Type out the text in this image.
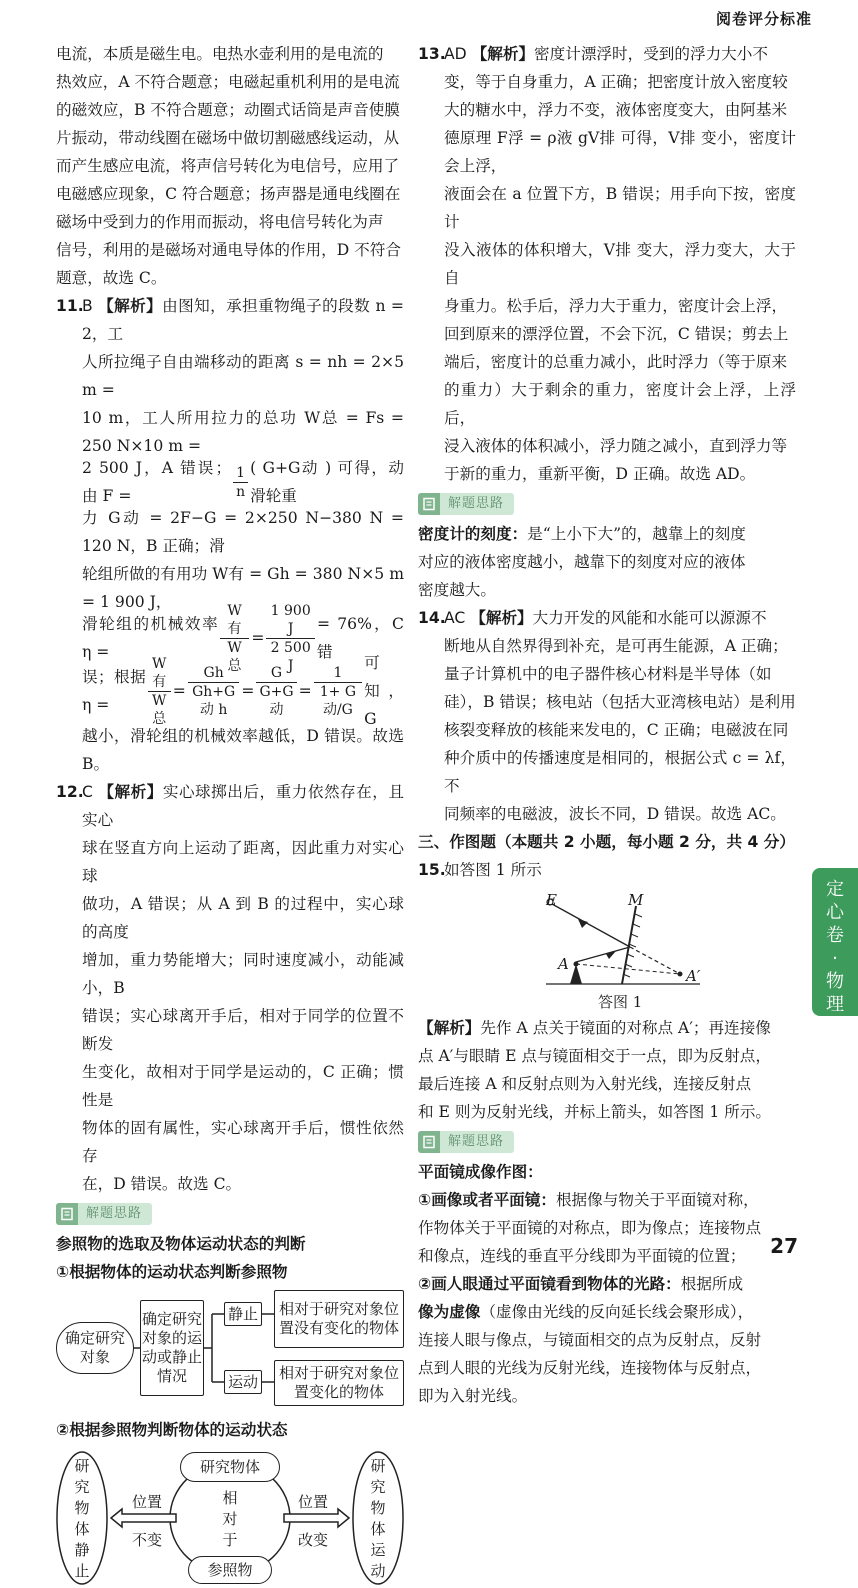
阅卷评分标准
电流，本质是磁生电。电热水壶利用的是电流的
热效应，A 不符合题意；电磁起重机利用的是电流
的磁效应，B 不符合题意；动圈式话筒是声音使膜
片振动，带动线圈在磁场中做切割磁感线运动，从
而产生感应电流，将声信号转化为电信号，应用了
电磁感应现象，C 符合题意；扬声器是通电线圈在
磁场中受到力的作用而振动，将电信号转化为声
信号，利用的是磁场对通电导体的作用，D 不符合
题意，故选 C。
11.B 【解析】由图知，承担重物绳子的段数 n = 2，工
人所拉绳子自由端移动的距离 s = nh = 2×5 m =
10 m，工人所用拉力的总功 W总 = Fs = 250 N×10 m =
2 500 J，A 错误；由 F =	$\frac{1}{n}$ ( G+G动 ) 可得，动滑轮重
力 G动 = 2F−G = 2×250 N−380 N = 120 N，B 正确；滑
轮组所做的有用功 W有 = Gh = 380 N×5 m = 1 900 J，
滑轮组的机械效率 η =	$\frac{\text{W有}}{\text{W总}} = \frac{1 900 J}{2 500 J} = 76\%$，C 错
误；根据 η =	$\frac{\text{W有}}{\text{W总}} = \frac{Gh}{\text{Gh+G动 h}} = \frac{G}{\text{G+G动}} = \frac{1}{\text{1+ G动/G}}$
可知，G
越小，滑轮组的机械效率越低，D 错误。故选 B。
12.C 【解析】实心球掷出后，重力依然存在，且实心
球在竖直方向上运动了距离，因此重力对实心球
做功，A 错误；从 A 到 B 的过程中，实心球的高度
增加，重力势能增大；同时速度减小，动能减小，B
错误；实心球离开手后，相对于同学的位置不断发
生变化，故相对于同学是运动的，C 正确；惯性是
物体的固有属性，实心球离开手后，惯性依然存
在，D 错误。故选 C。
解题思路
参照物的选取及物体运动状态的判断
①根据物体的运动状态判断参照物
确定研究对象
确定研究对象的运动或静止情况
静止
运动
相对于研究对象位置没有变化的物体
相对于研究对象位置变化的物体
②根据参照物判断物体的运动状态
研究物体静止
研究物体运动
研究物体
参照物
相对于
位置
不变
位置
改变
13.AD 【解析】密度计漂浮时，受到的浮力大小不
变，等于自身重力，A 正确；把密度计放入密度较
大的糖水中，浮力不变，液体密度变大，由阿基米
德原理 F浮 = ρ液 gV排 可得，V排 变小，密度计会上浮，
液面会在 a 位置下方，B 错误；用手向下按，密度计
没入液体的体积增大，V排 变大，浮力变大，大于自
身重力。松手后，浮力大于重力，密度计会上浮，
回到原来的漂浮位置，不会下沉，C 错误；剪去上
端后，密度计的总重力减小，此时浮力（等于原来
的重力）大于剩余的重力，密度计会上浮，上浮后，
浸入液体的体积减小，浮力随之减小，直到浮力等
于新的重力，重新平衡，D 正确。故选 AD。
解题思路
密度计的刻度：是“上小下大”的，越靠上的刻度
对应的液体密度越小，越靠下的刻度对应的液体
密度越大。
14.AC 【解析】大力开发的风能和水能可以源源不
断地从自然界得到补充，是可再生能源，A 正确；
量子计算机中的电子器件核心材料是半导体（如
硅），B 错误；核电站（包括大亚湾核电站）是利用
核裂变释放的核能来发电的，C 正确；电磁波在同
种介质中的传播速度是相同的，根据公式 c = λf，不
同频率的电磁波，波长不同，D 错误。故选 AC。
三、作图题（本题共 2 小题，每小题 2 分，共 4 分）
15.如答图 1 所示
E	M
A
A′
答图 1
【解析】先作 A 点关于镜面的对称点 A′；再连接像
点 A′与眼睛 E 点与镜面相交于一点，即为反射点，
最后连接 A 和反射点则为入射光线，连接反射点
和 E 则为反射光线，并标上箭头，如答图 1 所示。
解题思路
平面镜成像作图：
①画像或者平面镜：根据像与物关于平面镜对称，
作物体关于平面镜的对称点，即为像点；连接物点
和像点，连线的垂直平分线即为平面镜的位置；
②画人眼通过平面镜看到物体的光路：根据所成
像为虚像（虚像由光线的反向延长线会聚形成），
连接人眼与像点，与镜面相交的点为反射点，反射
点到人眼的光线为反射光线，连接物体与反射点，
即为入射光线。
定
心
卷
·
物
理
27
